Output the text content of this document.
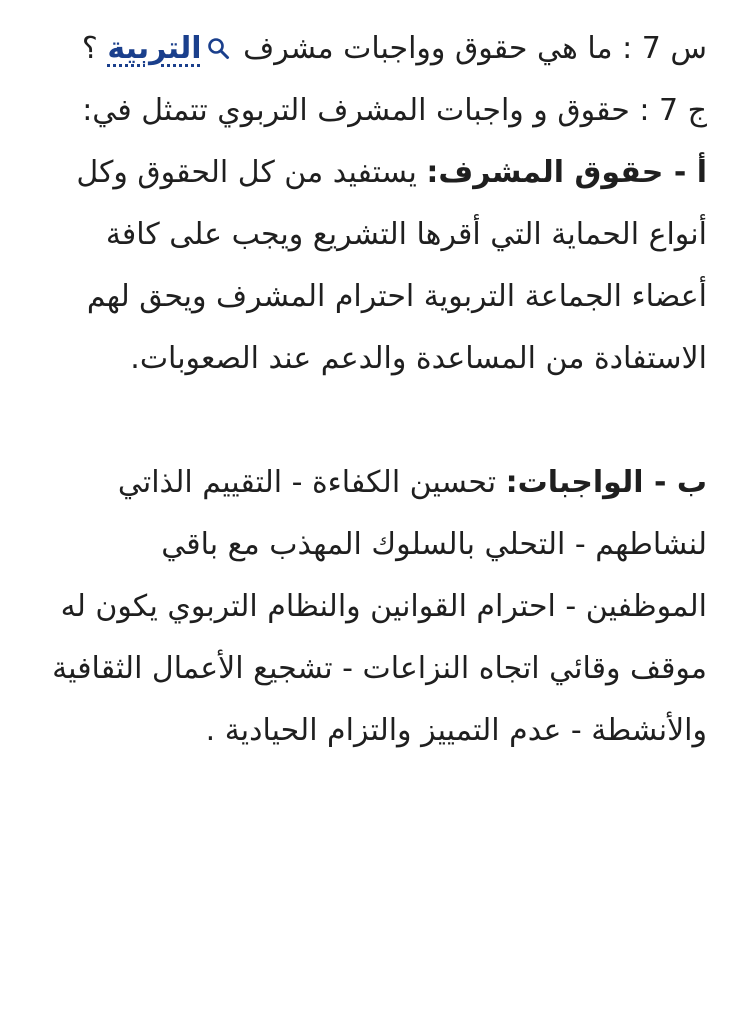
س 7 : ما هي حقوق وواجبات مشرف التربية ؟

ج 7 : حقوق و واجبات المشرف التربوي تتمثل في:

أ - حقوق المشرف: يستفيد من كل الحقوق وكل أنواع الحماية التي أقرها التشريع ويجب على كافة أعضاء الجماعة التربوية احترام المشرف ويحق لهم الاستفادة من المساعدة والدعم عند الصعوبات.

ب - الواجبات: تحسين الكفاءة - التقييم الذاتي لنشاطهم - التحلي بالسلوك المهذب مع باقي الموظفين - احترام القوانين والنظام التربوي يكون له موقف وقائي اتجاه النزاعات - تشجيع الأعمال الثقافية والأنشطة - عدم التمييز والتزام الحيادية .
